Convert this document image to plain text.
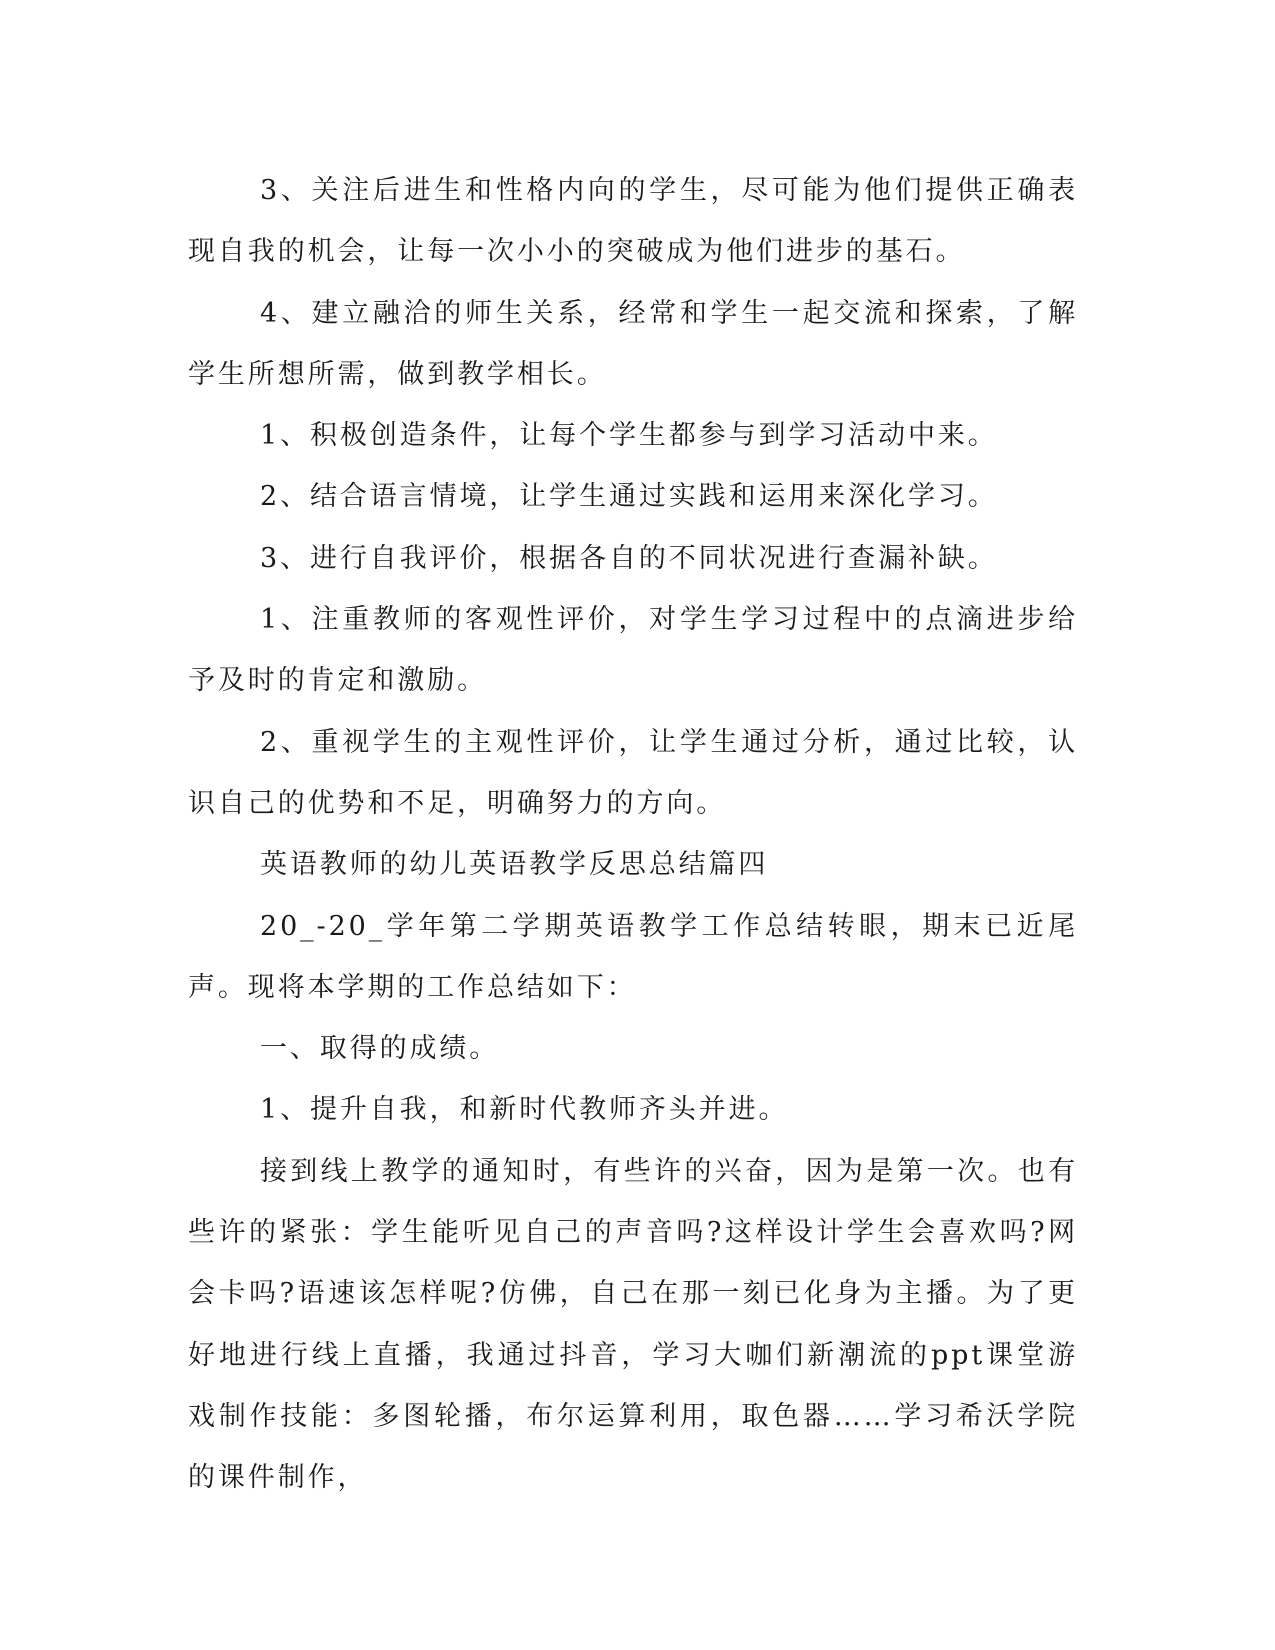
3、关注后进生和性格内向的学生，尽可能为他们提供正确表现自我的机会，让每一次小小的突破成为他们进步的基石。

4、建立融洽的师生关系，经常和学生一起交流和探索，了解学生所想所需，做到教学相长。

1、积极创造条件，让每个学生都参与到学习活动中来。

2、结合语言情境，让学生通过实践和运用来深化学习。

3、进行自我评价，根据各自的不同状况进行查漏补缺。

1、注重教师的客观性评价，对学生学习过程中的点滴进步给予及时的肯定和激励。

2、重视学生的主观性评价，让学生通过分析，通过比较，认识自己的优势和不足，明确努力的方向。

英语教师的幼儿英语教学反思总结篇四

20_-20_学年第二学期英语教学工作总结转眼，期末已近尾声。现将本学期的工作总结如下：

一、取得的成绩。

1、提升自我，和新时代教师齐头并进。

接到线上教学的通知时，有些许的兴奋，因为是第一次。也有些许的紧张：学生能听见自己的声音吗?这样设计学生会喜欢吗?网会卡吗?语速该怎样呢?仿佛，自己在那一刻已化身为主播。为了更好地进行线上直播，我通过抖音，学习大咖们新潮流的ppt课堂游戏制作技能：多图轮播，布尔运算利用，取色器……学习希沃学院的课件制作，
